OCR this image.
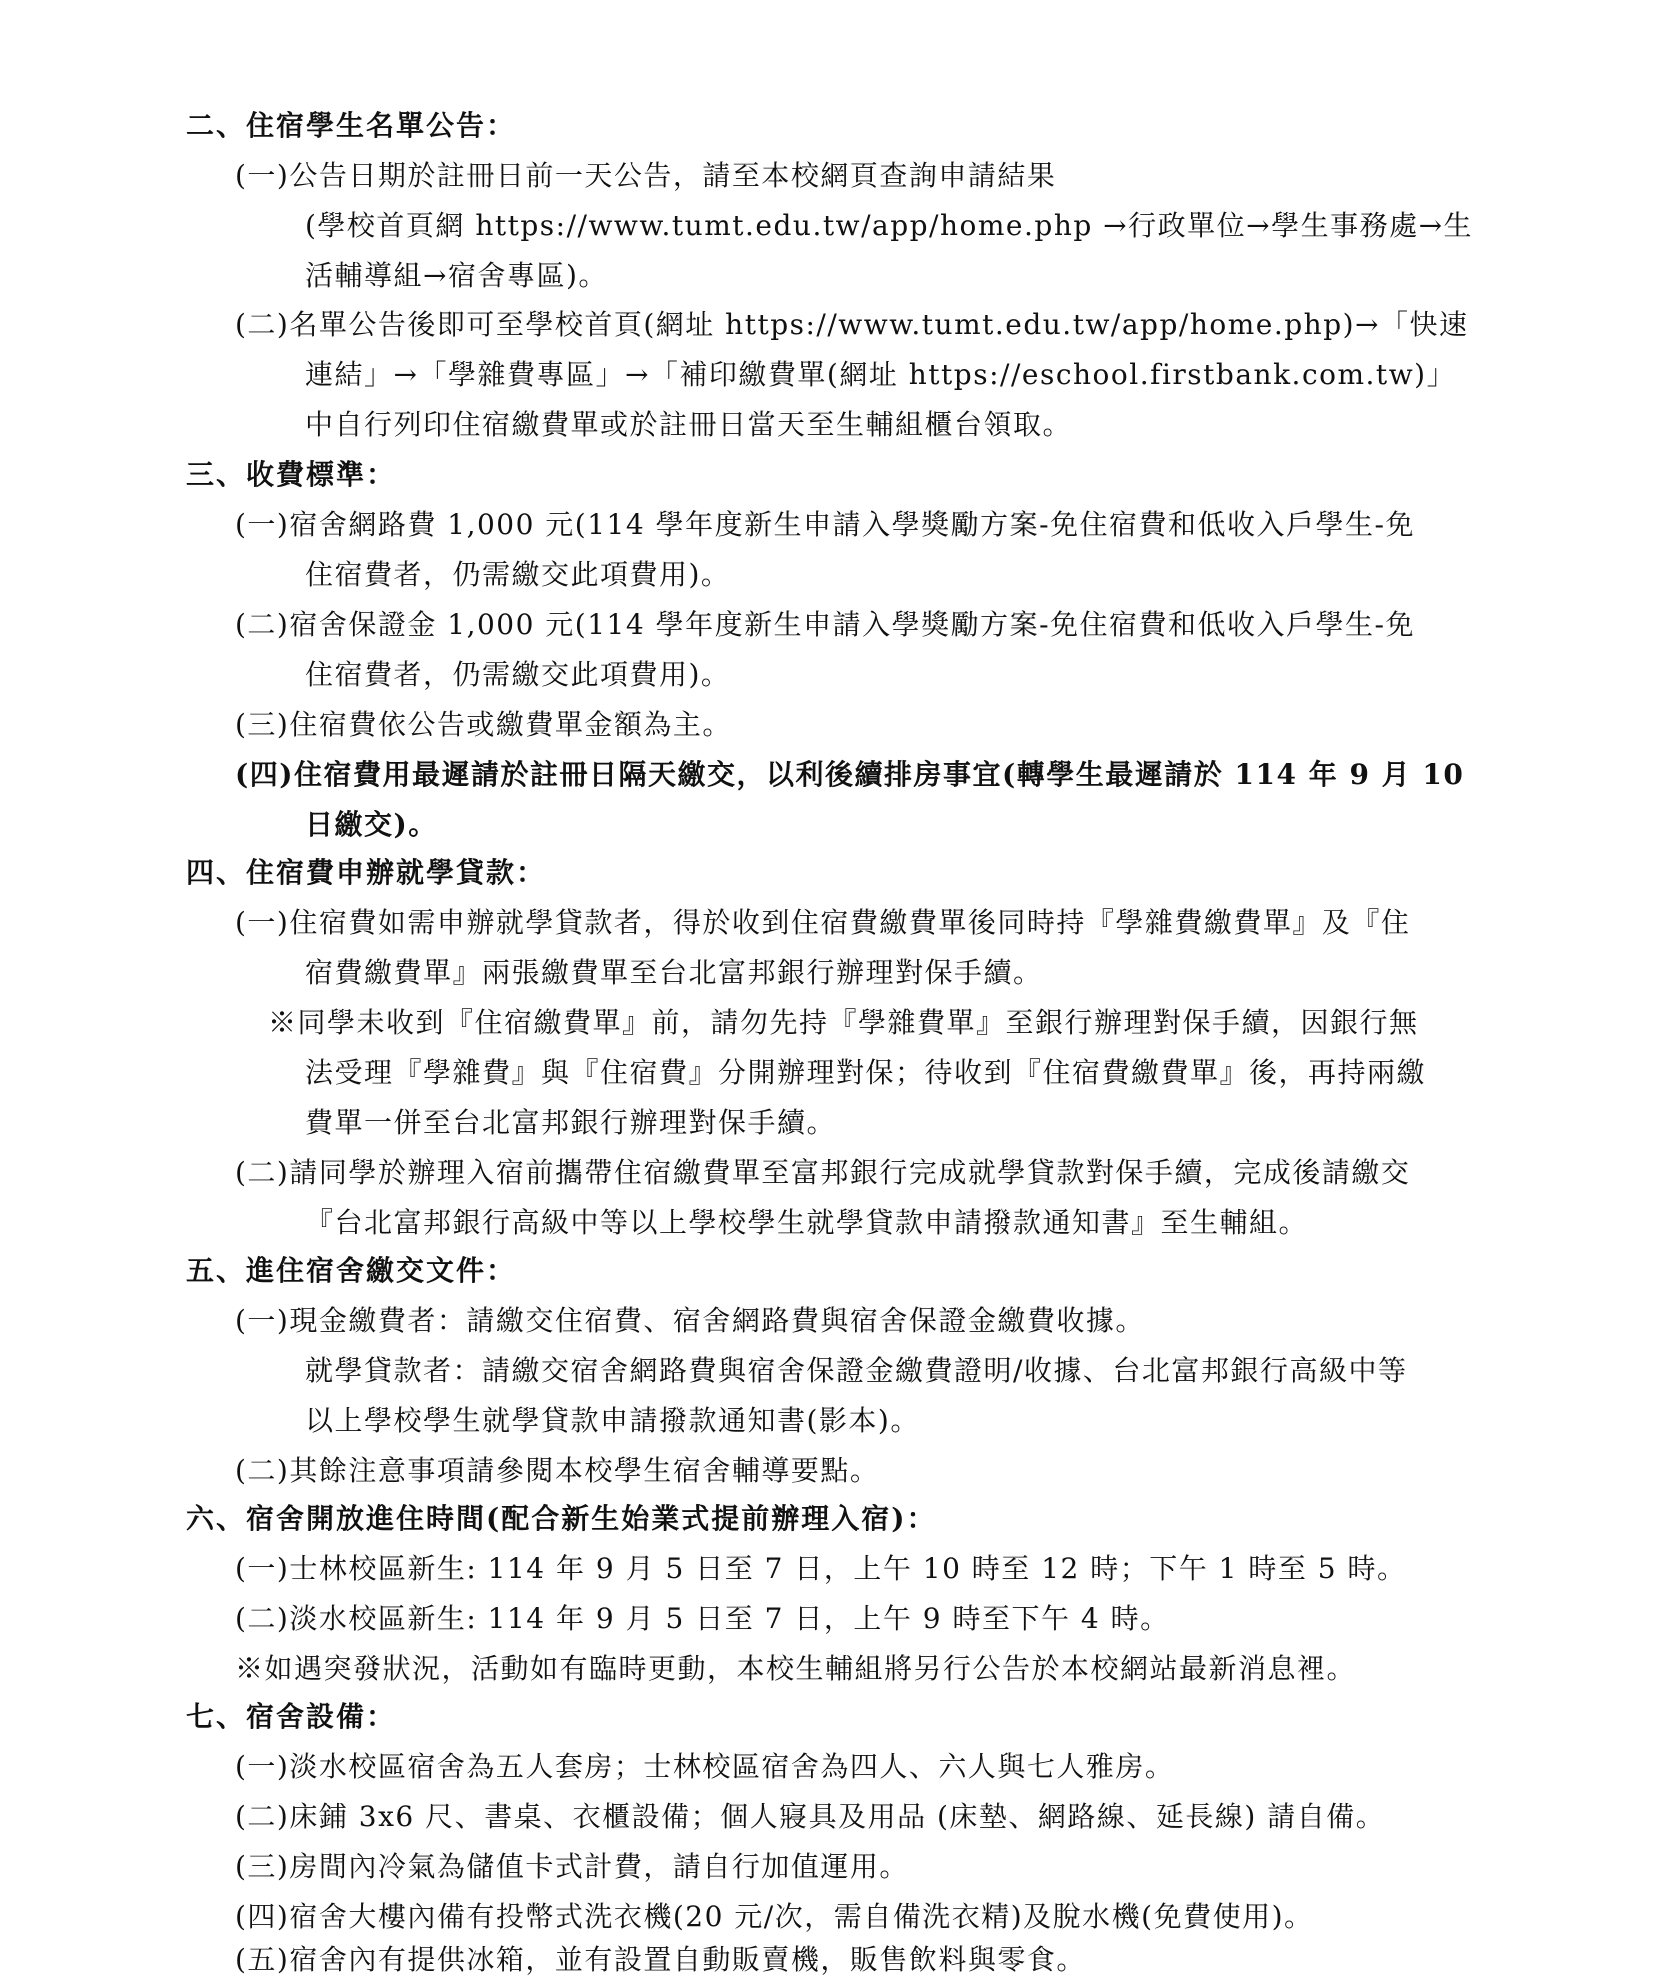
二、住宿學生名單公告：
(一)公告日期於註冊日前一天公告，請至本校網頁查詢申請結果
(學校首頁網 https://www.tumt.edu.tw/app/home.php →行政單位→學生事務處→生
活輔導組→宿舍專區)。
(二)名單公告後即可至學校首頁(網址 https://www.tumt.edu.tw/app/home.php)→「快速
連結」→「學雜費專區」→「補印繳費單(網址 https://eschool.firstbank.com.tw)」
中自行列印住宿繳費單或於註冊日當天至生輔組櫃台領取。
三、收費標準：
(一)宿舍網路費 1,000 元(114 學年度新生申請入學獎勵方案-免住宿費和低收入戶學生-免
住宿費者，仍需繳交此項費用)。
(二)宿舍保證金 1,000 元(114 學年度新生申請入學獎勵方案-免住宿費和低收入戶學生-免
住宿費者，仍需繳交此項費用)。
(三)住宿費依公告或繳費單金額為主。
(四)住宿費用最遲請於註冊日隔天繳交，以利後續排房事宜(轉學生最遲請於 114 年 9 月 10
日繳交)。
四、住宿費申辦就學貸款：
(一)住宿費如需申辦就學貸款者，得於收到住宿費繳費單後同時持『學雜費繳費單』及『住
宿費繳費單』兩張繳費單至台北富邦銀行辦理對保手續。
※同學未收到『住宿繳費單』前，請勿先持『學雜費單』至銀行辦理對保手續，因銀行無
法受理『學雜費』與『住宿費』分開辦理對保；待收到『住宿費繳費單』後，再持兩繳
費單一併至台北富邦銀行辦理對保手續。
(二)請同學於辦理入宿前攜帶住宿繳費單至富邦銀行完成就學貸款對保手續，完成後請繳交
『台北富邦銀行高級中等以上學校學生就學貸款申請撥款通知書』至生輔組。
五、進住宿舍繳交文件：
(一)現金繳費者：請繳交住宿費、宿舍網路費與宿舍保證金繳費收據。
就學貸款者：請繳交宿舍網路費與宿舍保證金繳費證明/收據、台北富邦銀行高級中等
以上學校學生就學貸款申請撥款通知書(影本)。
(二)其餘注意事項請參閱本校學生宿舍輔導要點。
六、宿舍開放進住時間(配合新生始業式提前辦理入宿)：
(一)士林校區新生: 114 年 9 月 5 日至 7 日，上午 10 時至 12 時；下午 1 時至 5 時。
(二)淡水校區新生: 114 年 9 月 5 日至 7 日，上午 9 時至下午 4 時。
※如遇突發狀況，活動如有臨時更動，本校生輔組將另行公告於本校網站最新消息裡。
七、宿舍設備：
(一)淡水校區宿舍為五人套房；士林校區宿舍為四人、六人與七人雅房。
(二)床鋪 3x6 尺、書桌、衣櫃設備；個人寢具及用品 (床墊、網路線、延長線) 請自備。
(三)房間內冷氣為儲值卡式計費，請自行加值運用。
(四)宿舍大樓內備有投幣式洗衣機(20 元/次，需自備洗衣精)及脫水機(免費使用)。
(五)宿舍內有提供冰箱，並有設置自動販賣機，販售飲料與零食。
